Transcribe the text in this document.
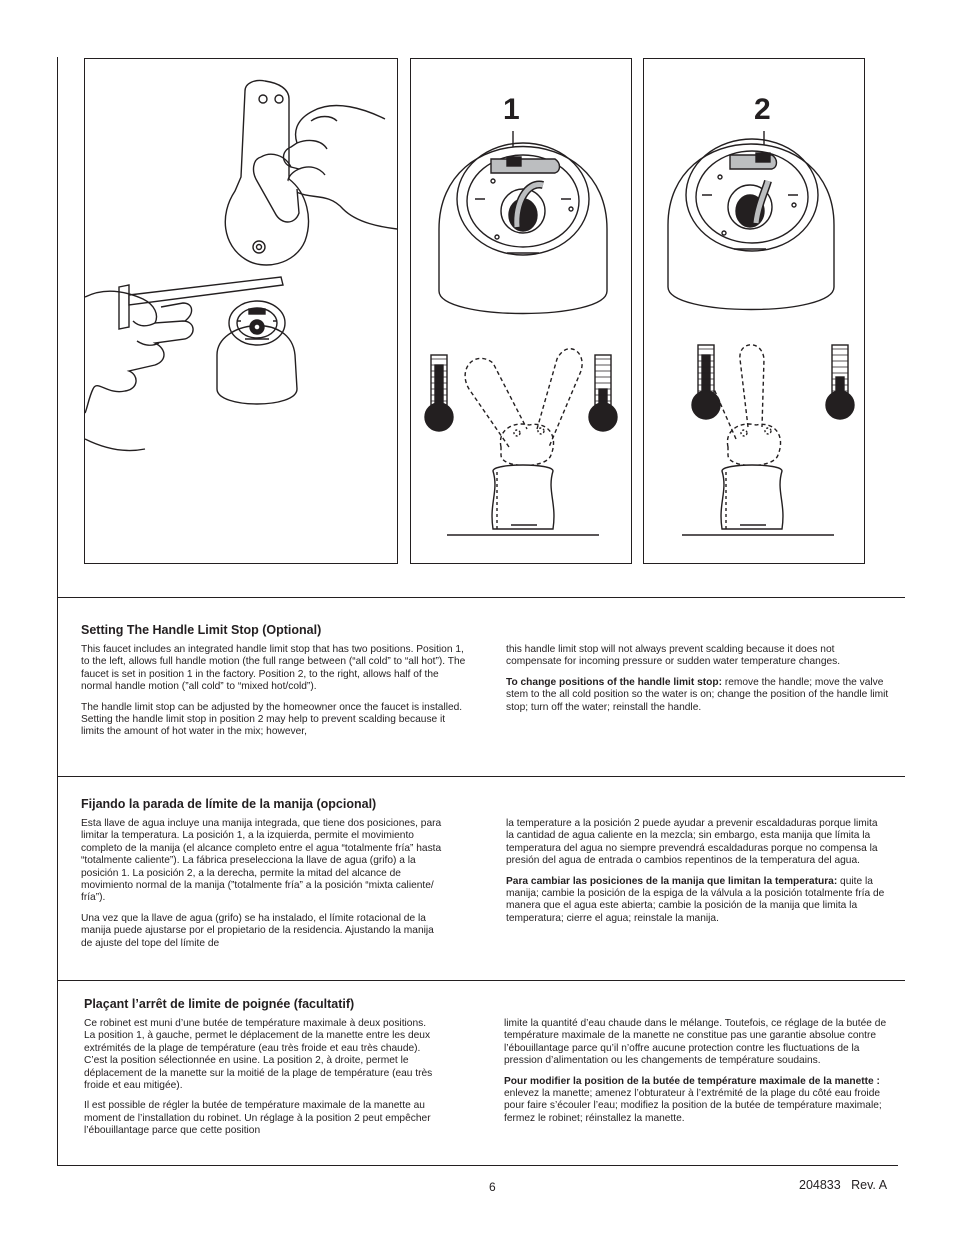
1	2
Setting The Handle Limit Stop (Optional)

This faucet includes an integrated handle limit stop that has two positions. Position 1, to the left, allows full handle motion (the full range between (“all cold” to “all hot”). The faucet is set in position 1 in the factory. Position 2, to the right, allows half of the normal handle motion (”all cold” to “mixed hot/cold”).

The handle limit stop can be adjusted by the homeowner once the faucet is installed. Setting the handle limit stop in position 2 may help to prevent scalding because it limits the amount of hot water in the mix; however,

this handle limit stop will not always prevent scalding because it does not compensate for incoming pressure or sudden water temperature changes.

To change positions of the handle limit stop: remove the handle; move the valve stem to the all cold position so the water is on; change the position of the handle limit stop; turn off the water; reinstall the handle.

Fijando la parada de límite de la manija (opcional)

Esta llave de agua incluye una manija integrada, que tiene dos posiciones, para limitar la temperatura. La posición 1, a la izquierda, permite el movimiento completo de la manija (el alcance completo entre el agua “totalmente fría” hasta “totalmente caliente”). La fábrica preselecciona la llave de agua (grifo) a la posición 1. La posición 2, a la derecha, permite la mitad del alcance de movimiento normal de la manija (”totalmente fría” a la posición “mixta caliente/ fría”).

Una vez que la llave de agua (grifo) se ha instalado, el límite rotacional de la manija puede ajustarse por el propietario de la residencia. Ajustando la manija de ajuste del tope del límite de

la temperature a la posición 2 puede ayudar a prevenir escaldaduras porque limita la cantidad de agua caliente en la mezcla; sin embargo, esta manija que límita la temperatura del agua no siempre prevendrá escaldaduras porque no compensa la presión del agua de entrada o cambios repentinos de la temperatura del agua.

Para cambiar las posiciones de la manija que limitan la temperatura: quite la manija; cambie la posición de la espiga de la válvula a la posición totalmente fría de manera que el agua este abierta; cambie la posición de la manija que limita la temperatura; cierre el agua; reinstale la manija.

Plaçant l’arrêt de limite de poignée (facultatif)

Ce robinet est muni d’une butée de température maximale à deux positions. La position 1, à gauche, permet le déplacement de la manette entre les deux extrémités de la plage de température (eau très froide et eau très chaude). C’est la position sélectionnée en usine. La position 2, à droite, permet le déplacement de la manette sur la moitié de la plage de température (eau très froide et eau mitigée).

Il est possible de régler la butée de température maximale de la manette au moment de l’installation du robinet. Un réglage à la position 2 peut empêcher l’ébouillantage parce que cette position

limite la quantité d’eau chaude dans le mélange. Toutefois, ce réglage de la butée de température maximale de la manette ne constitue pas une garantie absolue contre l’ébouillantage parce qu’il n’offre aucune protection contre les fluctuations de la pression d’alimentation ou les changements de température soudains.

Pour modifier la position de la butée de température maximale de la manette : enlevez la manette; amenez l’obturateur à l’extrémité de la plage du côté eau froide pour faire s’écouler l’eau; modifiez la position de la butée de température maximale; fermez le robinet; réinstallez la manette.

6	204833   Rev. A
